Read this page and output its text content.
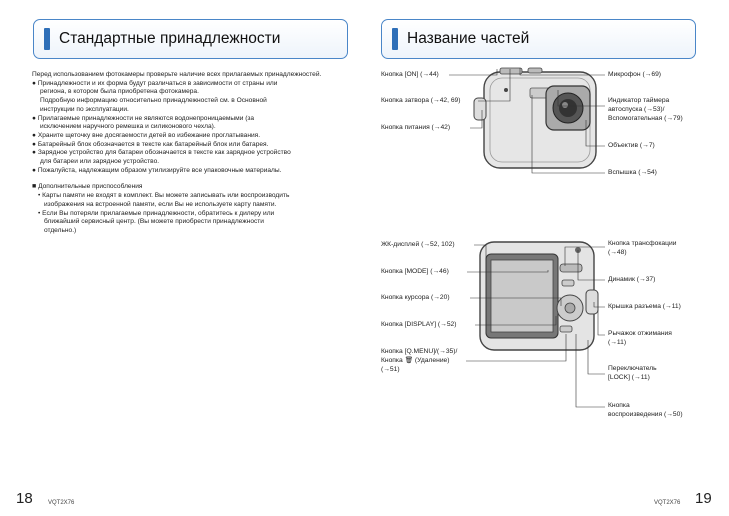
Стандартные принадлежности
Перед использованием фотокамеры проверьте наличие всех прилагаемых принадлежностей.
● Принадлежности и их форма будут различаться в зависимости от страны или
региона, в котором была приобретена фотокамера.
Подробную информацию относительно принадлежностей см. в Основной
инструкции по эксплуатации.
● Прилагаемые принадлежности не являются водонепроницаемыми (за
исключением наручного ремешка и силиконового чехла).
● Храните щеточку вне досягаемости детей во избежание проглатывания.
● Батарейный блок обозначается в тексте как батарейный блок или батарея.
● Зарядное устройство для батареи обозначается в тексте как зарядное устройство
для батареи или зарядное устройство.
● Пожалуйста, надлежащим образом утилизируйте все упаковочные материалы.
■ Дополнительные приспособления
• Карты памяти не входят в комплект. Вы можете записывать или воспроизводить
изображения на встроенной памяти, если Вы не используете карту памяти.
• Если Вы потеряли прилагаемые принадлежности, обратитесь к дилеру или
ближайший сервисный центр. (Вы можете приобрести принадлежности
отдельно.)
18	VQT2X76
Название частей
Кнопка [ON] (→44)
Кнопка затвора (→42, 69)
Кнопка питания (→42)
Микрофон (→69)
Индикатор таймера
автоспуска (→53)/
Вспомогательная (→79)
Объектив (→7)
Вспышка (→54)
ЖК-дисплей (→52, 102)
Кнопка [MODE] (→46)
Кнопка курсора (→20)
Кнопка [DISPLAY] (→52)
Кнопка [Q.MENU]/(→35)/
Кнопка 🗑 (Удаление)
(→51)
Кнопка трансфокации
(→48)
Динамик (→37)
Крышка разъема (→11)
Рычажок отжимания
(→11)
Переключатель
[LOCK] (→11)
Кнопка
воспроизведения (→50)
VQT2X76 19
